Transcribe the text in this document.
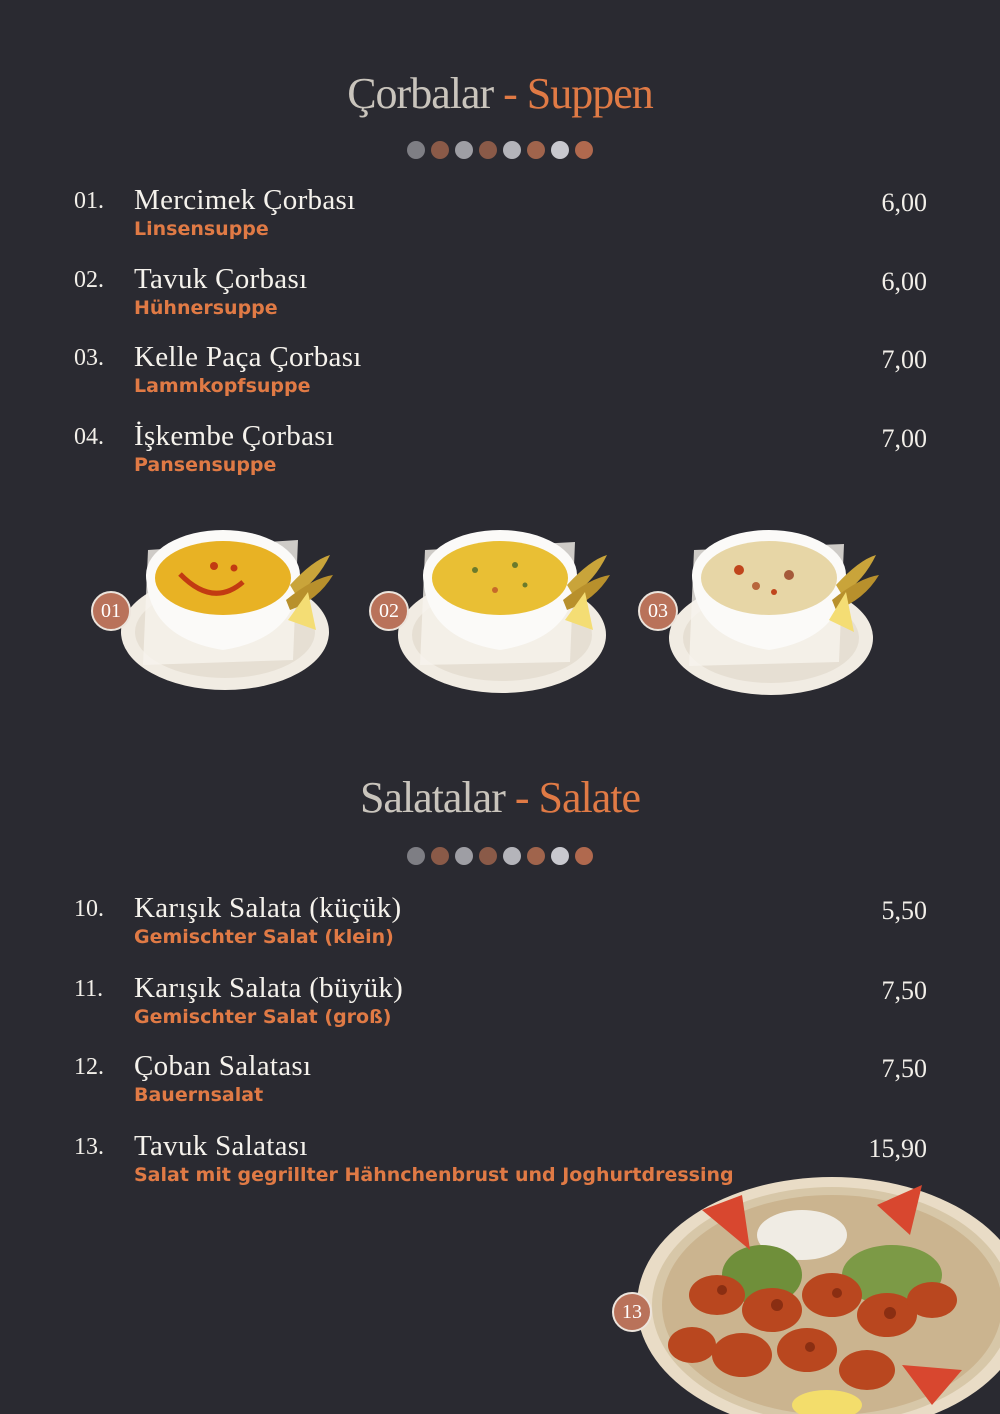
Çorbalar - Suppen
01. Mercimek Çorbası
Linsensuppe
6,00
02. Tavuk Çorbası
Hühnersuppe
6,00
03. Kelle Paça Çorbası
Lammkopfsuppe
7,00
04. İşkembe Çorbası
Pansensuppe
7,00
01	02	03
Salatalar - Salate
10. Karışık Salata (küçük)
Gemischter Salat (klein)
5,50
11. Karışık Salata (büyük)
Gemischter Salat (groß)
7,50
12. Çoban Salatası
Bauernsalat
7,50
13. Tavuk Salatası
Salat mit gegrillter Hähnchenbrust und Joghurtdressing
15,90
13
